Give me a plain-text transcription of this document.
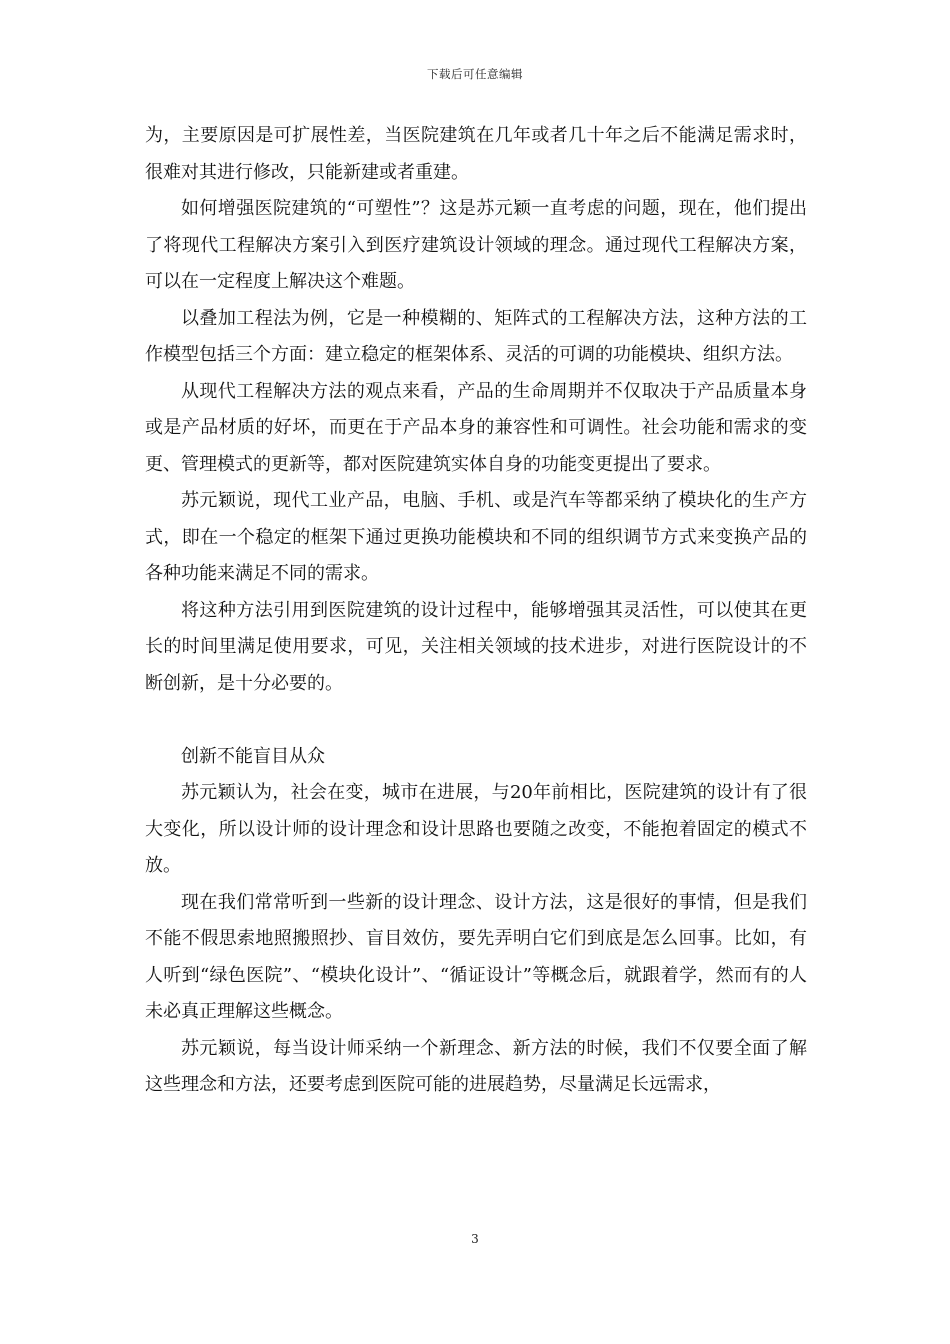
下载后可任意编辑

为，主要原因是可扩展性差，当医院建筑在几年或者几十年之后不能满足需求时，很难对其进行修改，只能新建或者重建。

如何增强医院建筑的“可塑性”？这是苏元颖一直考虑的问题，现在，他们提出了将现代工程解决方案引入到医疗建筑设计领域的理念。通过现代工程解决方案，可以在一定程度上解决这个难题。

以叠加工程法为例，它是一种模糊的、矩阵式的工程解决方法，这种方法的工作模型包括三个方面：建立稳定的框架体系、灵活的可调的功能模块、组织方法。

从现代工程解决方法的观点来看，产品的生命周期并不仅取决于产品质量本身或是产品材质的好坏，而更在于产品本身的兼容性和可调性。社会功能和需求的变更、管理模式的更新等，都对医院建筑实体自身的功能变更提出了要求。

苏元颖说，现代工业产品，电脑、手机、或是汽车等都采纳了模块化的生产方式，即在一个稳定的框架下通过更换功能模块和不同的组织调节方式来变换产品的各种功能来满足不同的需求。

将这种方法引用到医院建筑的设计过程中，能够增强其灵活性，可以使其在更长的时间里满足使用要求，可见，关注相关领域的技术进步，对进行医院设计的不断创新，是十分必要的。

创新不能盲目从众

苏元颖认为，社会在变，城市在进展，与20年前相比，医院建筑的设计有了很大变化，所以设计师的设计理念和设计思路也要随之改变，不能抱着固定的模式不放。

现在我们常常听到一些新的设计理念、设计方法，这是很好的事情，但是我们不能不假思索地照搬照抄、盲目效仿，要先弄明白它们到底是怎么回事。比如，有人听到“绿色医院”、“模块化设计”、“循证设计”等概念后，就跟着学，然而有的人未必真正理解这些概念。

苏元颖说，每当设计师采纳一个新理念、新方法的时候，我们不仅要全面了解这些理念和方法，还要考虑到医院可能的进展趋势，尽量满足长远需求，

3
